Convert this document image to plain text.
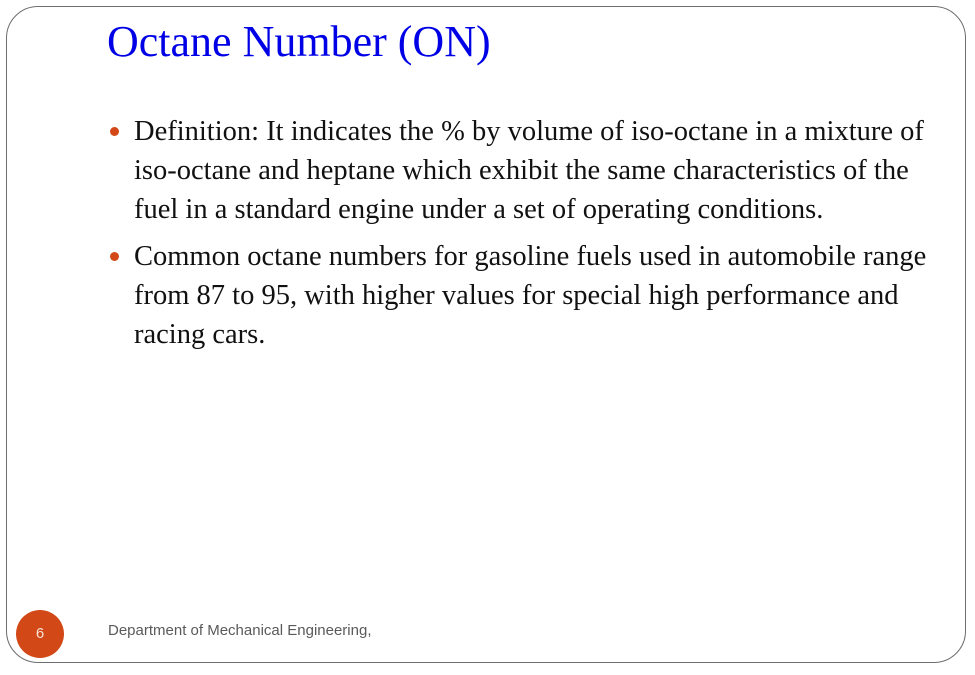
Octane Number (ON)
Definition: It indicates the % by volume of iso-octane in a mixture of iso-octane and heptane which exhibit the same characteristics of the fuel in a standard engine under a set of operating conditions.
Common octane numbers for gasoline fuels used in automobile range from 87 to 95, with higher values for special high performance and racing cars.
6	Department of Mechanical Engineering,
